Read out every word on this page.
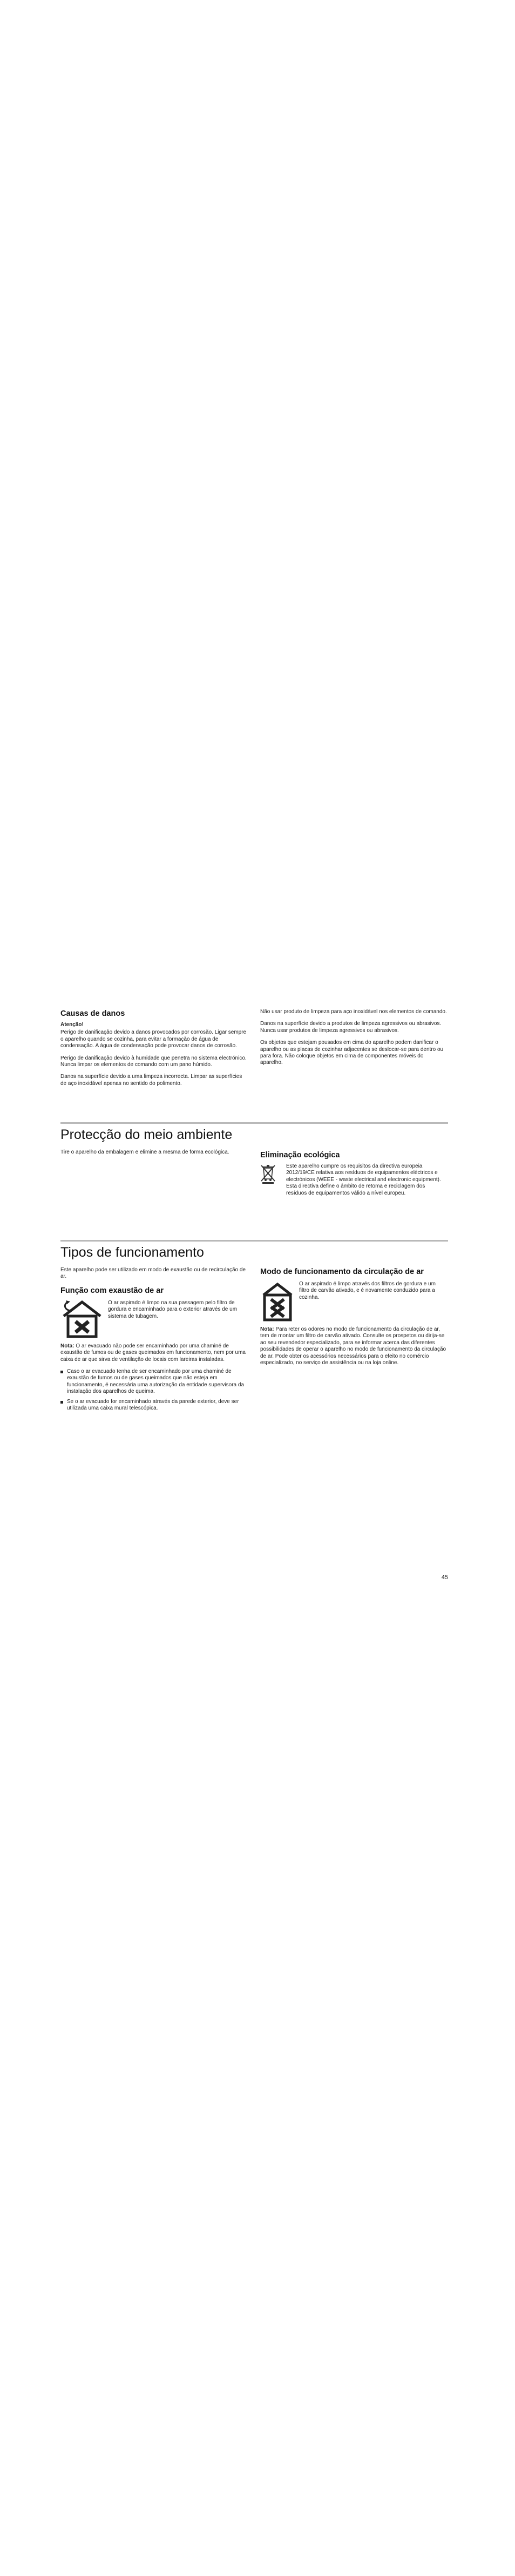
Causas de danos
Atenção!

Perigo de danificação devido a danos provocados por corrosão. Ligar sempre o aparelho quando se cozinha, para evitar a formação de água de condensação. A água de condensação pode provocar danos de corrosão.

Perigo de danificação devido à humidade que penetra no sistema electrónico. Nunca limpar os elementos de comando com um pano húmido.

Danos na superfície devido a uma limpeza incorrecta. Limpar as superfícies de aço inoxidável apenas no sentido do polimento.

Não usar produto de limpeza para aço inoxidável nos elementos de comando.

Danos na superfície devido a produtos de limpeza agressivos ou abrasivos. Nunca usar produtos de limpeza agressivos ou abrasivos.

Os objetos que estejam pousados em cima do aparelho podem danificar o aparelho ou as placas de cozinhar adjacentes se deslocar-se para dentro ou para fora. Não coloque objetos em cima de componentes móveis do aparelho.

Protecção do meio ambiente

Tire o aparelho da embalagem e elimine a mesma de forma ecológica.	Eliminação ecológica

Este aparelho cumpre os requisitos da directiva europeia 2012/19/CE relativa aos resíduos de equipamentos eléctricos e electrónicos (WEEE - waste electrical and electronic equipment). Esta directiva define o âmbito de retoma e reciclagem dos resíduos de equipamentos válido a nível europeu.

Tipos de funcionamento

Este aparelho pode ser utilizado em modo de exaustão ou de recirculação de ar.

Função com exaustão de ar

O ar aspirado é limpo na sua passagem pelo filtro de gordura e encaminhado para o exterior através de um sistema de tubagem.

Nota: O ar evacuado não pode ser encaminhado por uma chaminé de exaustão de fumos ou de gases queimados em funcionamento, nem por uma caixa de ar que sirva de ventilação de locais com lareiras instaladas.

Caso o ar evacuado tenha de ser encaminhado por uma chaminé de exaustão de fumos ou de gases queimados que não esteja em funcionamento, é necessária uma autorização da entidade supervisora da instalação dos aparelhos de queima.
Se o ar evacuado for encaminhado através da parede exterior, deve ser utilizada uma caixa mural telescópica.
Modo de funcionamento da circulação de ar

O ar aspirado é limpo através dos filtros de gordura e um filtro de carvão ativado, e é novamente conduzido para a cozinha.

Nota: Para reter os odores no modo de funcionamento da circulação de ar, tem de montar um filtro de carvão ativado. Consulte os prospetos ou dirija-se ao seu revendedor especializado, para se informar acerca das diferentes possibilidades de operar o aparelho no modo de funcionamento da circulação de ar. Pode obter os acessórios necessários para o efeito no comércio especializado, no serviço de assistência ou na loja online.

45
